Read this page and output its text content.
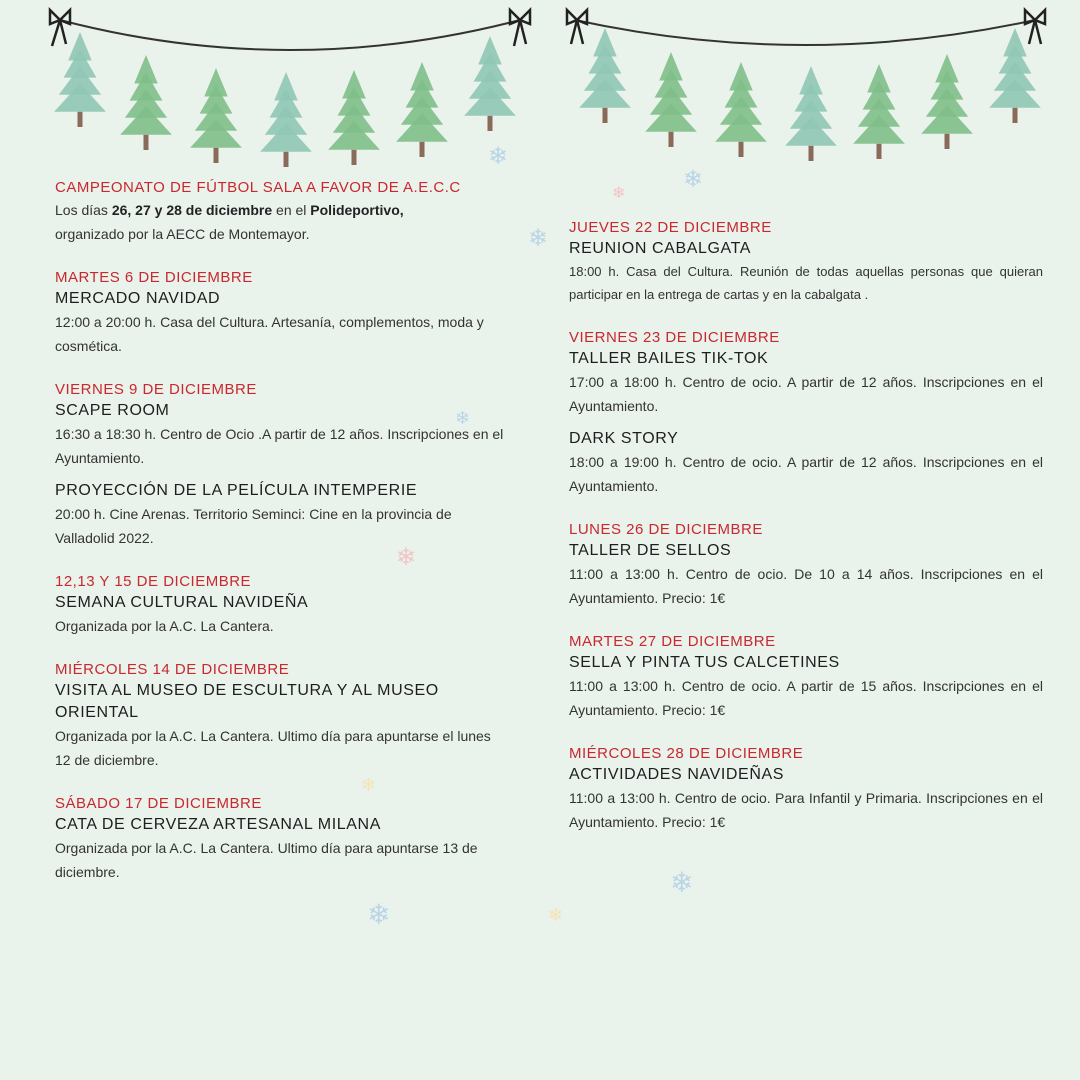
❄
❄
❄
❄
❄
❄
❄
❄
❄	❄
CAMPEONATO DE FÚTBOL SALA A FAVOR DE A.E.C.C
Los días 26, 27 y 28 de diciembre en el Polideportivo,
organizado por la AECC de Montemayor.
MARTES 6 DE DICIEMBRE
MERCADO NAVIDAD
12:00 a 20:00 h. Casa del Cultura. Artesanía, complementos, moda y cosmética.
VIERNES 9 DE DICIEMBRE
SCAPE ROOM
16:30 a 18:30 h. Centro de Ocio .A partir de 12 años. Inscripciones en el Ayuntamiento.
PROYECCIÓN DE LA PELÍCULA INTEMPERIE
20:00 h. Cine Arenas. Territorio Seminci: Cine en la provincia de Valladolid 2022.
12,13 Y 15 DE DICIEMBRE
SEMANA CULTURAL NAVIDEÑA
Organizada por la A.C. La Cantera.
MIÉRCOLES 14 DE DICIEMBRE
VISITA AL MUSEO DE ESCULTURA Y AL MUSEO ORIENTAL
Organizada por la A.C. La Cantera. Ultimo día para apuntarse el lunes 12 de diciembre.
SÁBADO 17 DE DICIEMBRE
CATA DE CERVEZA ARTESANAL MILANA
Organizada por la A.C. La Cantera. Ultimo día para apuntarse 13 de diciembre.
JUEVES 22 DE DICIEMBRE
REUNION CABALGATA
18:00 h. Casa del Cultura. Reunión de todas aquellas personas que quieran participar en la entrega de cartas y en la cabalgata .
VIERNES 23 DE DICIEMBRE
TALLER BAILES TIK-TOK
17:00 a 18:00 h. Centro de ocio. A partir de 12 años. Inscripciones en el Ayuntamiento.
DARK STORY
18:00 a 19:00 h. Centro de ocio. A partir de 12 años. Inscripciones en el Ayuntamiento.
LUNES 26 DE DICIEMBRE
TALLER DE SELLOS
11:00 a 13:00 h. Centro de ocio. De 10 a 14 años. Inscripciones en el Ayuntamiento. Precio: 1€
MARTES 27 DE DICIEMBRE
SELLA Y PINTA TUS CALCETINES
11:00 a 13:00 h. Centro de ocio. A partir de 15 años. Inscripciones en el Ayuntamiento. Precio: 1€
MIÉRCOLES 28 DE DICIEMBRE
ACTIVIDADES NAVIDEÑAS
11:00 a 13:00 h. Centro de ocio. Para Infantil y Primaria. Inscripciones en el Ayuntamiento. Precio: 1€
